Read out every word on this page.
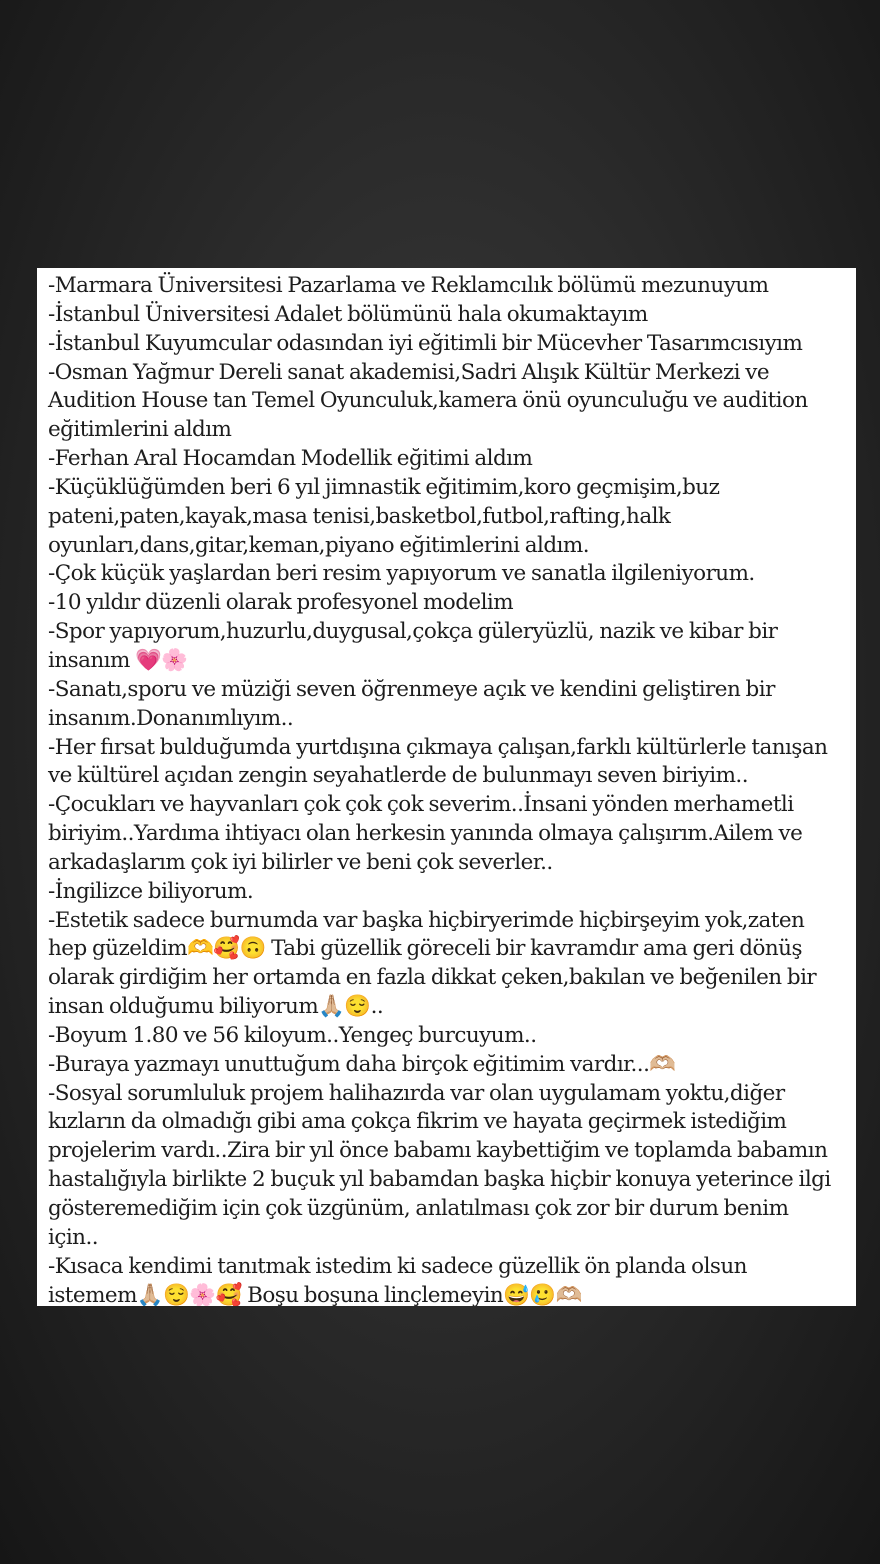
-Marmara Üniversitesi Pazarlama ve Reklamcılık bölümü mezunuyum
-İstanbul Üniversitesi Adalet bölümünü hala okumaktayım
-İstanbul Kuyumcular odasından iyi eğitimli bir Mücevher Tasarımcısıyım
-Osman Yağmur Dereli sanat akademisi,Sadri Alışık Kültür Merkezi ve
Audition House tan Temel Oyunculuk,kamera önü oyunculuğu ve audition
eğitimlerini aldım
-Ferhan Aral Hocamdan Modellik eğitimi aldım
-Küçüklüğümden beri 6 yıl jimnastik eğitimim,koro geçmişim,buz
pateni,paten,kayak,masa tenisi,basketbol,futbol,rafting,halk
oyunları,dans,gitar,keman,piyano eğitimlerini aldım.
-Çok küçük yaşlardan beri resim yapıyorum ve sanatla ilgileniyorum.
-10 yıldır düzenli olarak profesyonel modelim
-Spor yapıyorum,huzurlu,duygusal,çokça güleryüzlü, nazik ve kibar bir
insanım 💗🌸
-Sanatı,sporu ve müziği seven öğrenmeye açık ve kendini geliştiren bir
insanım.Donanımlıyım..
-Her fırsat bulduğumda yurtdışına çıkmaya çalışan,farklı kültürlerle tanışan
ve kültürel açıdan zengin seyahatlerde de bulunmayı seven biriyim..
-Çocukları ve hayvanları çok çok çok severim..İnsani yönden merhametli
biriyim..Yardıma ihtiyacı olan herkesin yanında olmaya çalışırım.Ailem ve
arkadaşlarım çok iyi bilirler ve beni çok severler..
-İngilizce biliyorum.
-Estetik sadece burnumda var başka hiçbiryerimde hiçbirşeyim yok,zaten
hep güzeldim🫶🥰🙃 Tabi güzellik göreceli bir kavramdır ama geri dönüş
olarak girdiğim her ortamda en fazla dikkat çeken,bakılan ve beğenilen bir
insan olduğumu biliyorum🙏🏼😌..
-Boyum 1.80 ve 56 kiloyum..Yengeç burcuyum..
-Buraya yazmayı unuttuğum daha birçok eğitimim vardır...🫶🏼
-Sosyal sorumluluk projem halihazırda var olan uygulamam yoktu,diğer
kızların da olmadığı gibi ama çokça fikrim ve hayata geçirmek istediğim
projelerim vardı..Zira bir yıl önce babamı kaybettiğim ve toplamda babamın
hastalığıyla birlikte 2 buçuk yıl babamdan başka hiçbir konuya yeterince ilgi
gösteremediğim için çok üzgünüm, anlatılması çok zor bir durum benim
için..
-Kısaca kendimi tanıtmak istedim ki sadece güzellik ön planda olsun
istemem🙏🏼😌🌸🥰 Boşu boşuna linçlemeyin😅🥲🫶🏼
